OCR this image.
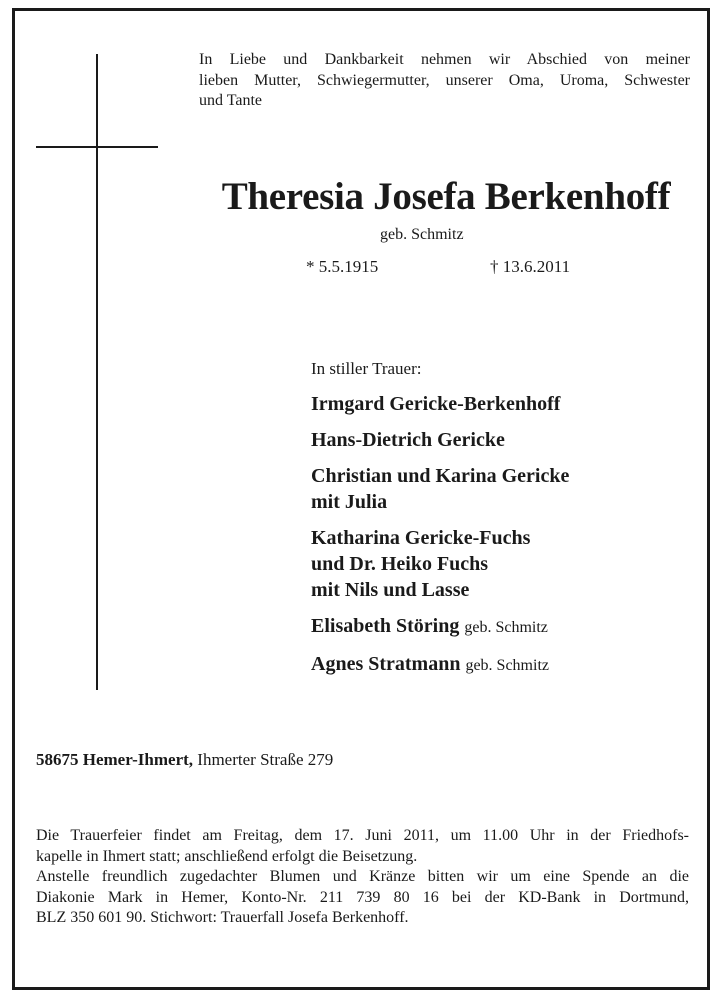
In Liebe und Dankbarkeit nehmen wir Abschied von meiner
lieben Mutter, Schwiegermutter, unserer Oma, Uroma, Schwester
und Tante
Theresia Josefa Berkenhoff
geb. Schmitz
* 5.5.1915	† 13.6.2011
In stiller Trauer:
Irmgard Gericke-Berkenhoff
Hans-Dietrich Gericke
Christian und Karina Gericke
mit Julia
Katharina Gericke-Fuchs
und Dr. Heiko Fuchs
mit Nils und Lasse
Elisabeth Störing geb. Schmitz
Agnes Stratmann geb. Schmitz
58675 Hemer-Ihmert, Ihmerter Straße 279
Die Trauerfeier findet am Freitag, dem 17. Juni 2011, um 11.00 Uhr in der Friedhofs-
kapelle in Ihmert statt; anschließend erfolgt die Beisetzung.
Anstelle freundlich zugedachter Blumen und Kränze bitten wir um eine Spende an die
Diakonie Mark in Hemer, Konto-Nr. 211 739 80 16 bei der KD-Bank in Dortmund,
BLZ 350 601 90. Stichwort: Trauerfall Josefa Berkenhoff.
